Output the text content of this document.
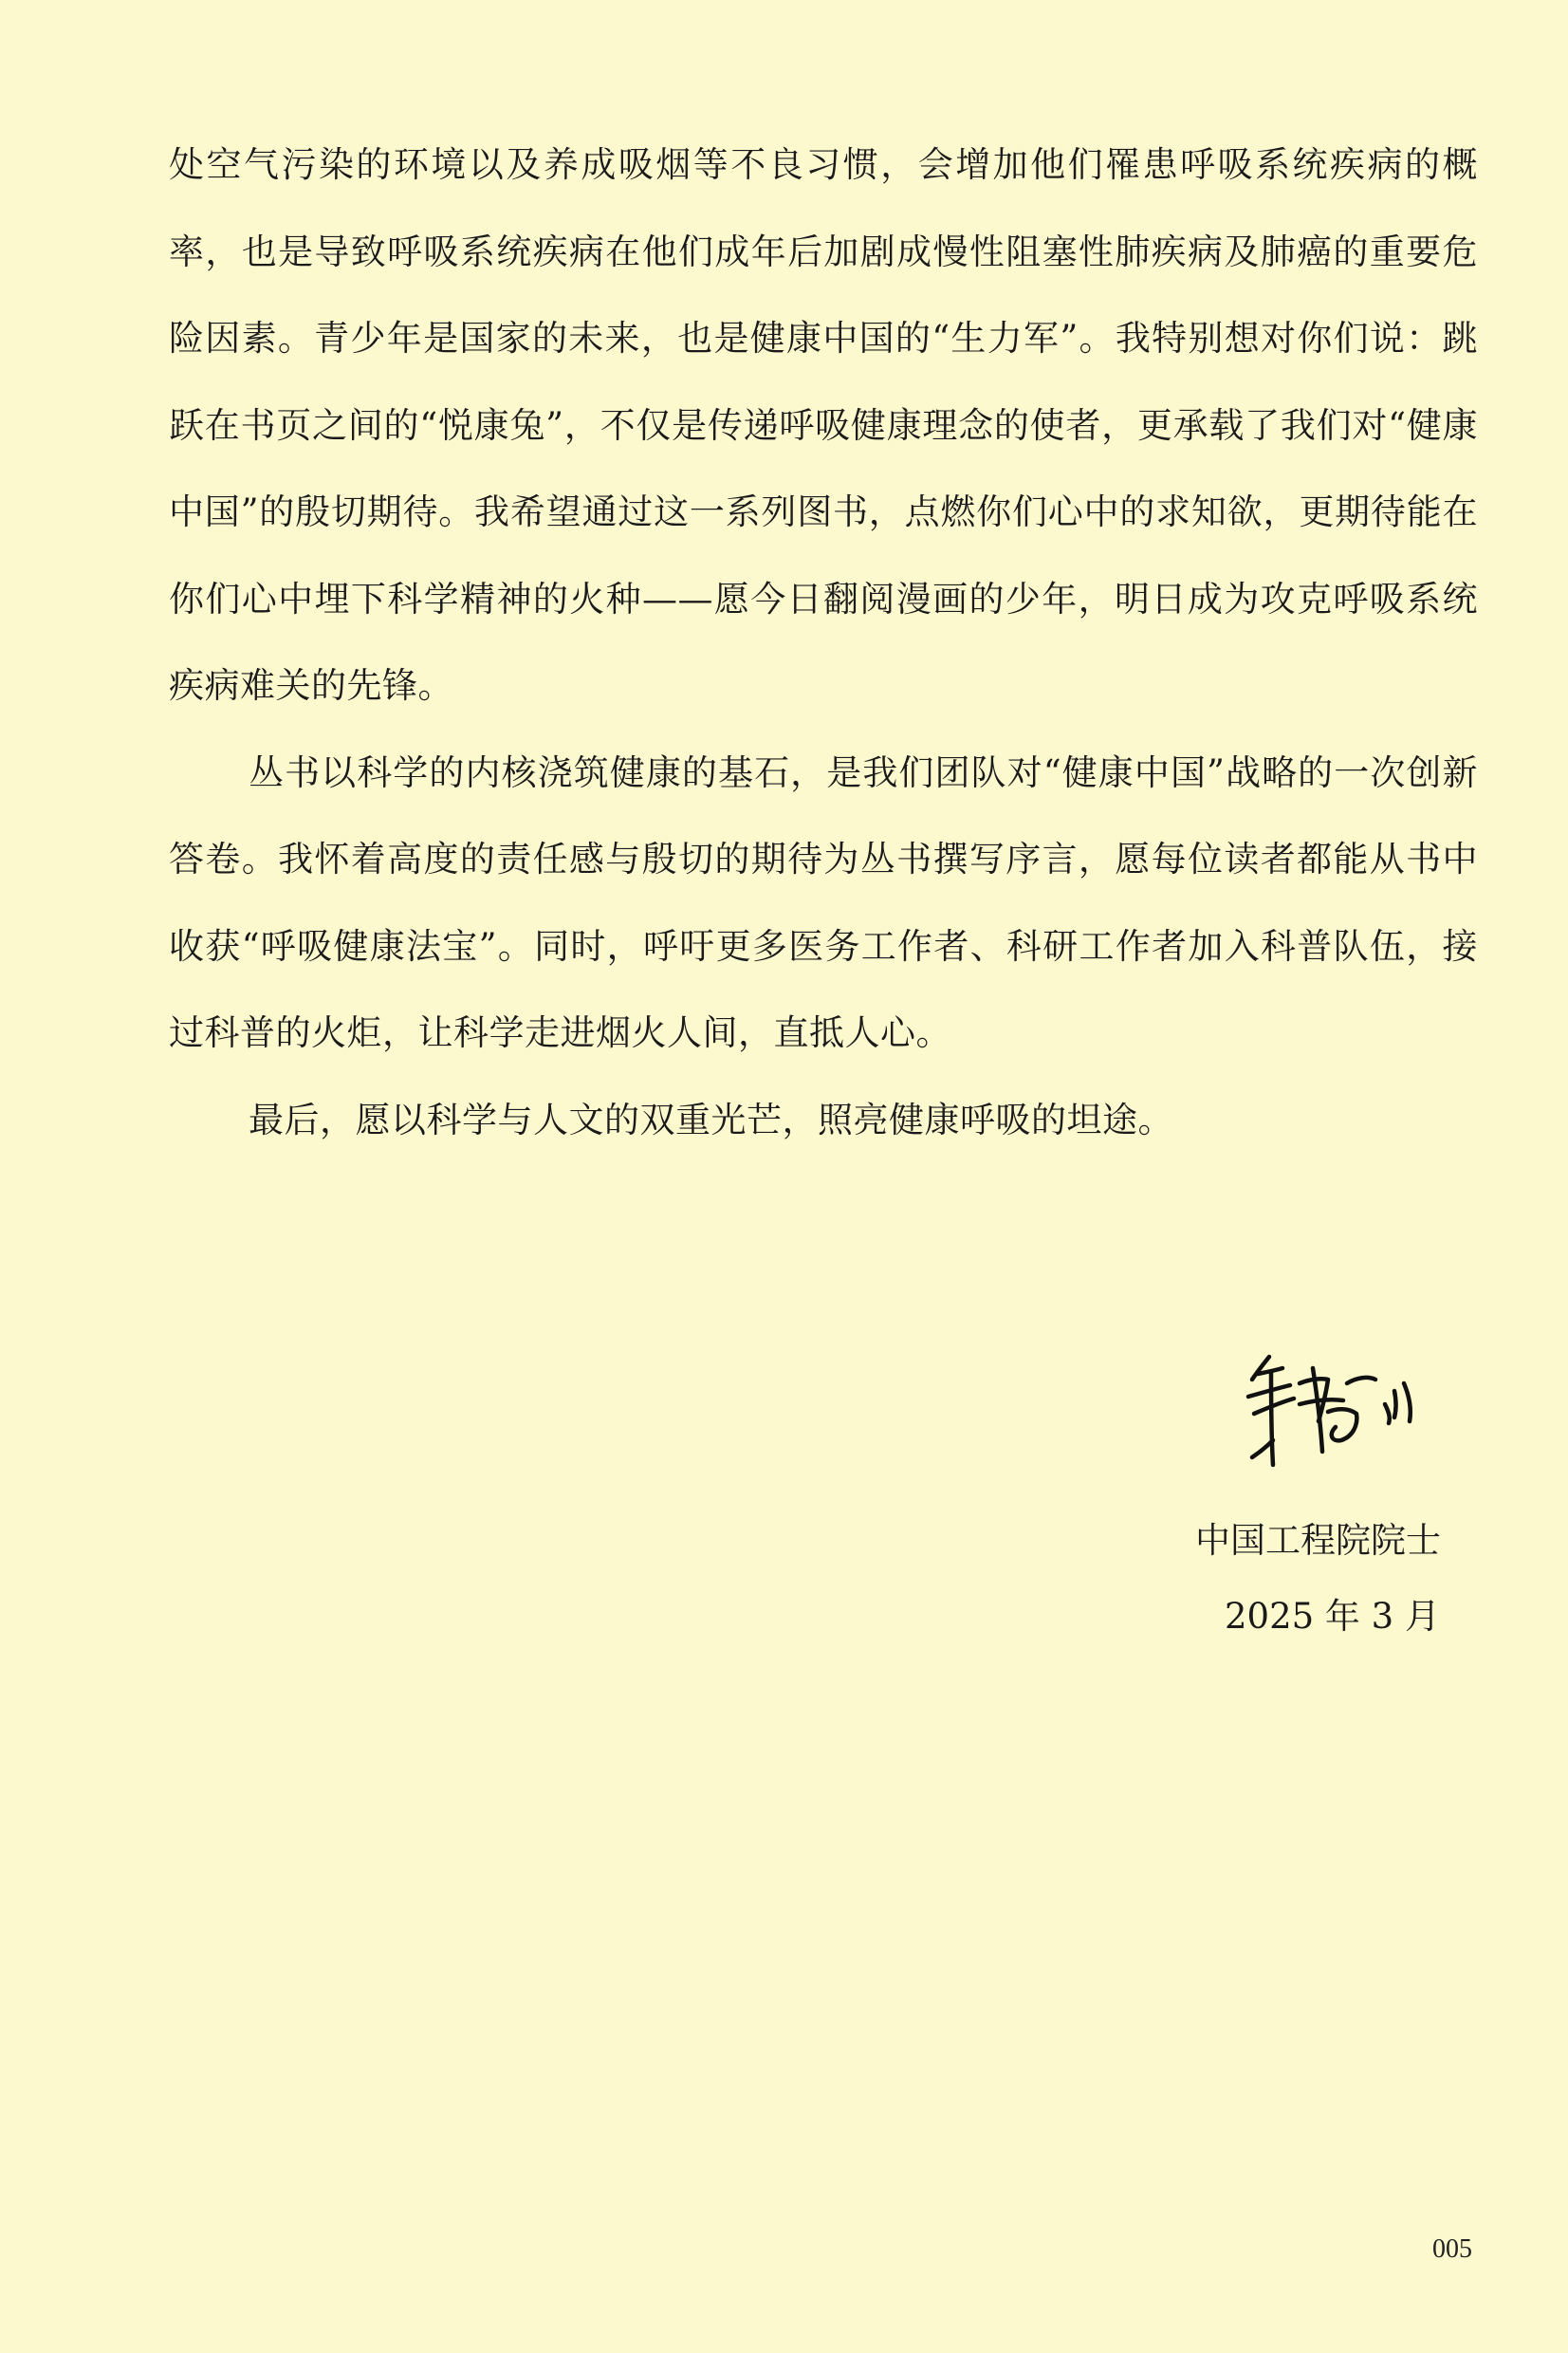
处空气污染的环境以及养成吸烟等不良习惯，会增加他们罹患呼吸系统疾病的概率，也是导致呼吸系统疾病在他们成年后加剧成慢性阻塞性肺疾病及肺癌的重要危险因素。青少年是国家的未来，也是健康中国的“生力军”。我特别想对你们说：跳跃在书页之间的“悦康兔”，不仅是传递呼吸健康理念的使者，更承载了我们对“健康中国”的殷切期待。我希望通过这一系列图书，点燃你们心中的求知欲，更期待能在你们心中埋下科学精神的火种——愿今日翻阅漫画的少年，明日成为攻克呼吸系统疾病难关的先锋。

丛书以科学的内核浇筑健康的基石，是我们团队对“健康中国”战略的一次创新答卷。我怀着高度的责任感与殷切的期待为丛书撰写序言，愿每位读者都能从书中收获“呼吸健康法宝”。同时，呼吁更多医务工作者、科研工作者加入科普队伍，接过科普的火炬，让科学走进烟火人间，直抵人心。

最后，愿以科学与人文的双重光芒，照亮健康呼吸的坦途。

中国工程院院士
2025 年 3 月
005
